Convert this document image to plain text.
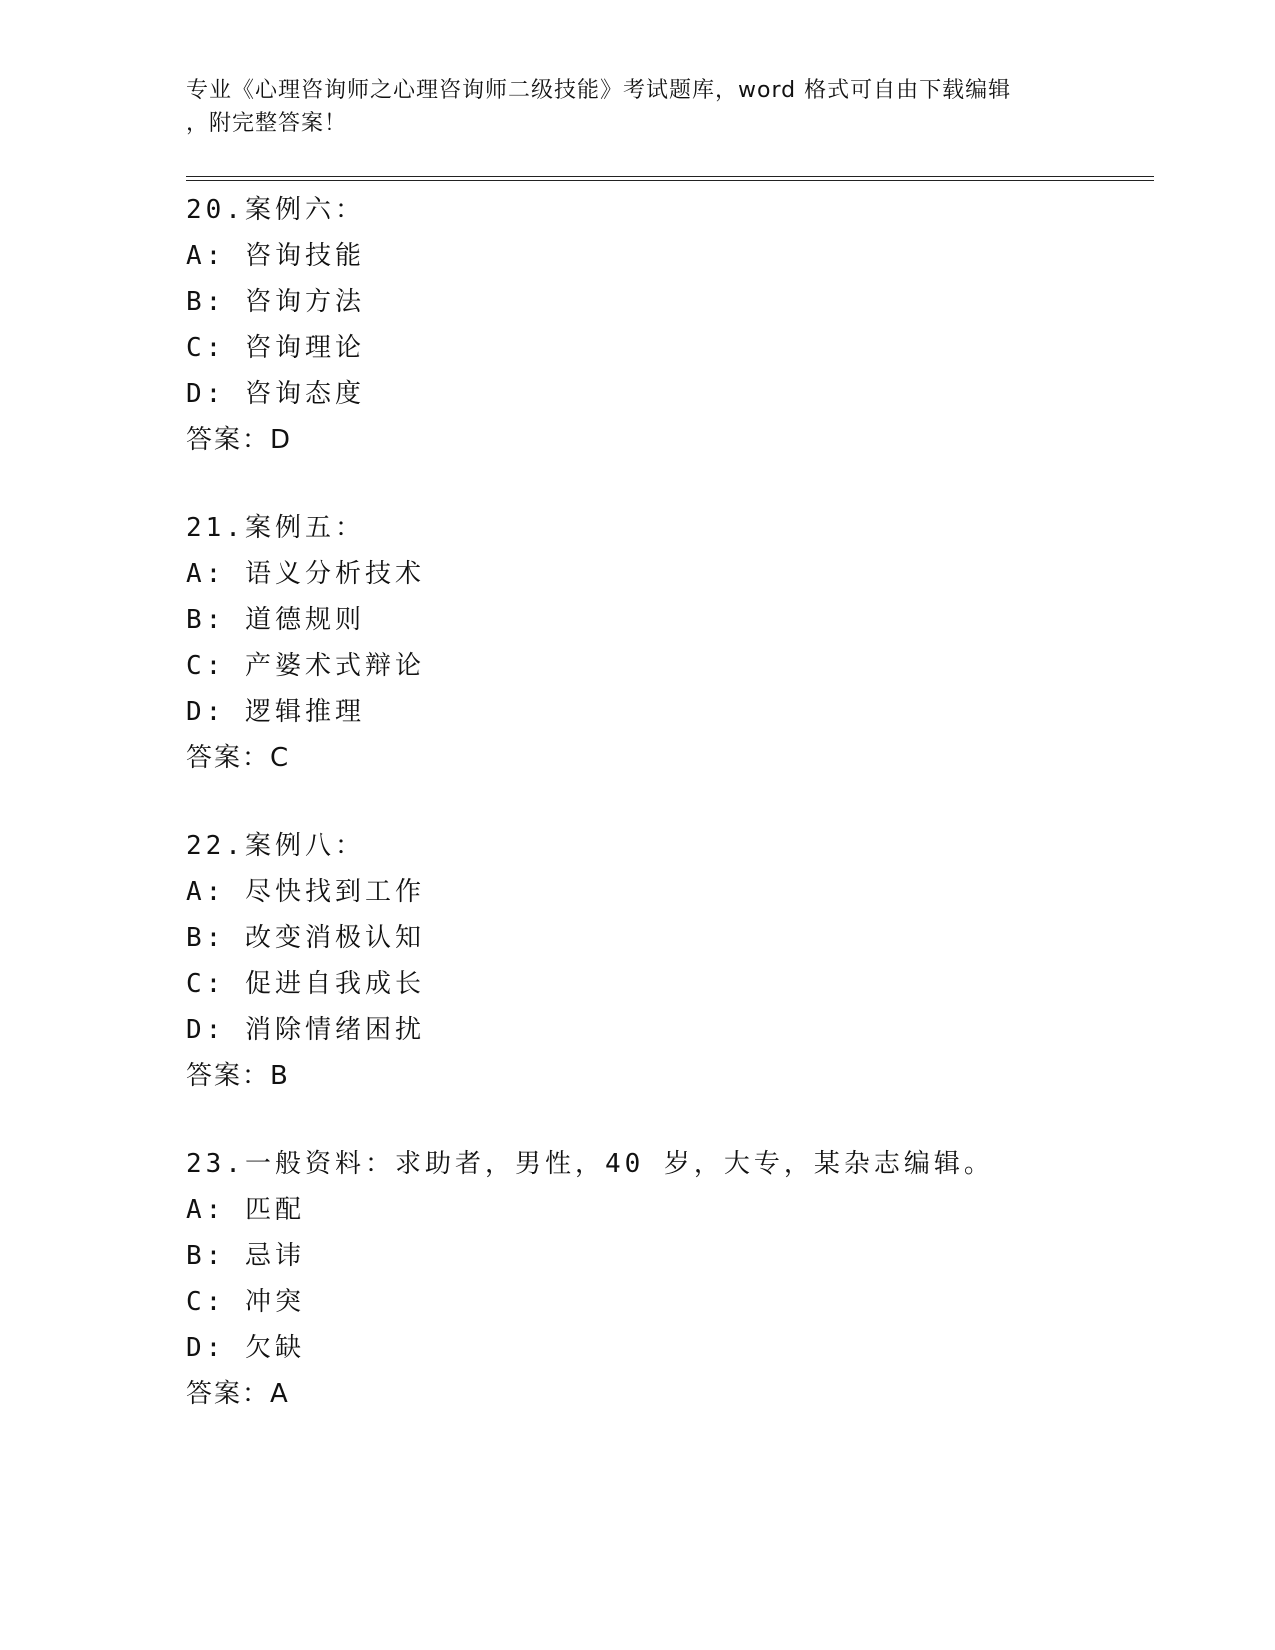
专业《心理咨询师之心理咨询师二级技能》考试题库，word 格式可自由下载编辑
，附完整答案！
20.案例六：
A: 咨询技能
B: 咨询方法
C: 咨询理论
D: 咨询态度
答案：D
21.案例五：
A: 语义分析技术
B: 道德规则
C: 产婆术式辩论
D: 逻辑推理
答案：C
22.案例八：
A: 尽快找到工作
B: 改变消极认知
C: 促进自我成长
D: 消除情绪困扰
答案：B
23.一般资料：求助者，男性，40 岁，大专，某杂志编辑。
A: 匹配
B: 忌讳
C: 冲突
D: 欠缺
答案：A
